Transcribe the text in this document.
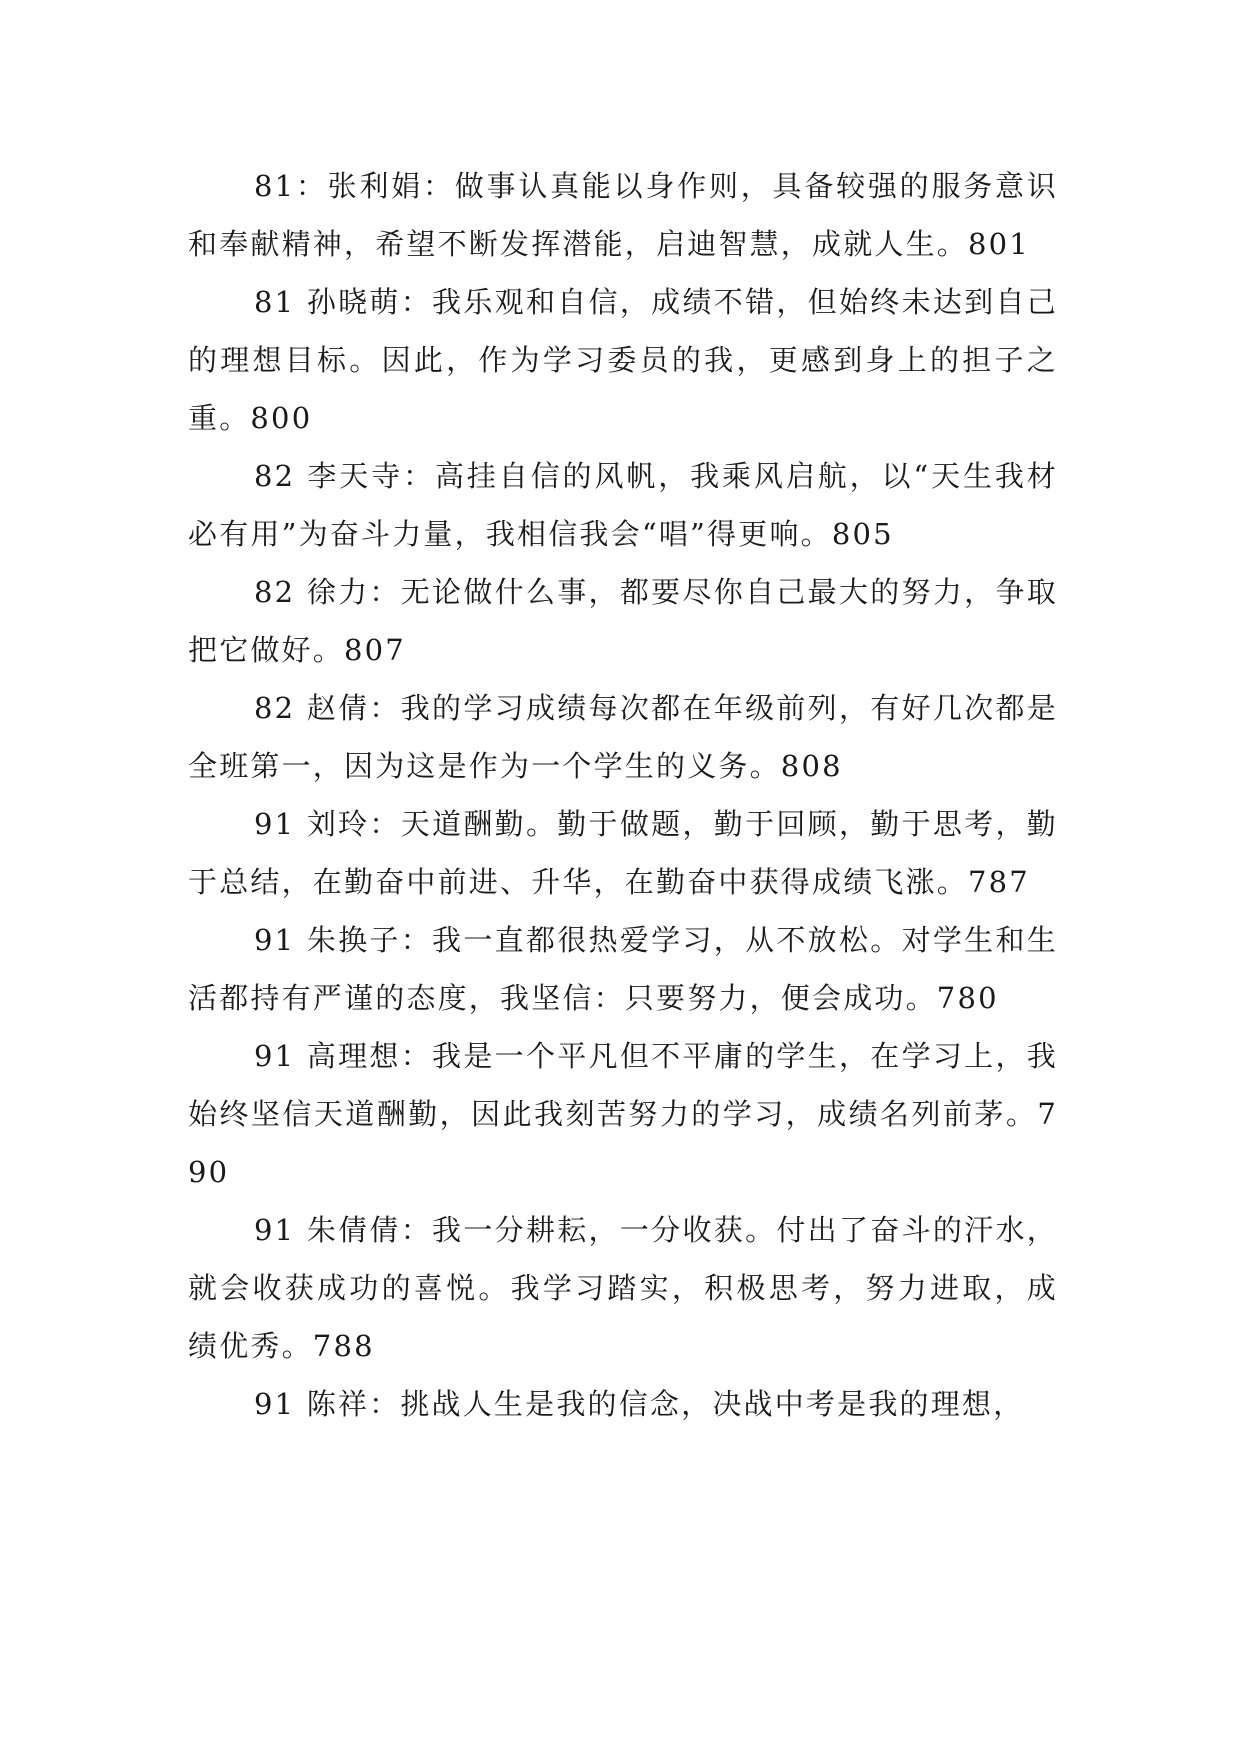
81：张利娟：做事认真能以身作则，具备较强的服务意识和奉献精神，希望不断发挥潜能，启迪智慧，成就人生。801

81 孙晓萌：我乐观和自信，成绩不错，但始终未达到自己的理想目标。因此，作为学习委员的我，更感到身上的担子之重。800

82 李天寺：高挂自信的风帆，我乘风启航，以“天生我材必有用”为奋斗力量，我相信我会“唱”得更响。805

82 徐力：无论做什么事，都要尽你自己最大的努力，争取把它做好。807

82 赵倩：我的学习成绩每次都在年级前列，有好几次都是全班第一，因为这是作为一个学生的义务。808

91 刘玲：天道酬勤。勤于做题，勤于回顾，勤于思考，勤于总结，在勤奋中前进、升华，在勤奋中获得成绩飞涨。787

91 朱换子：我一直都很热爱学习，从不放松。对学生和生活都持有严谨的态度，我坚信：只要努力，便会成功。780

91 高理想：我是一个平凡但不平庸的学生，在学习上，我始终坚信天道酬勤，因此我刻苦努力的学习，成绩名列前茅。790

91 朱倩倩：我一分耕耘，一分收获。付出了奋斗的汗水，就会收获成功的喜悦。我学习踏实，积极思考，努力进取，成绩优秀。788

91 陈祥：挑战人生是我的信念，决战中考是我的理想，
